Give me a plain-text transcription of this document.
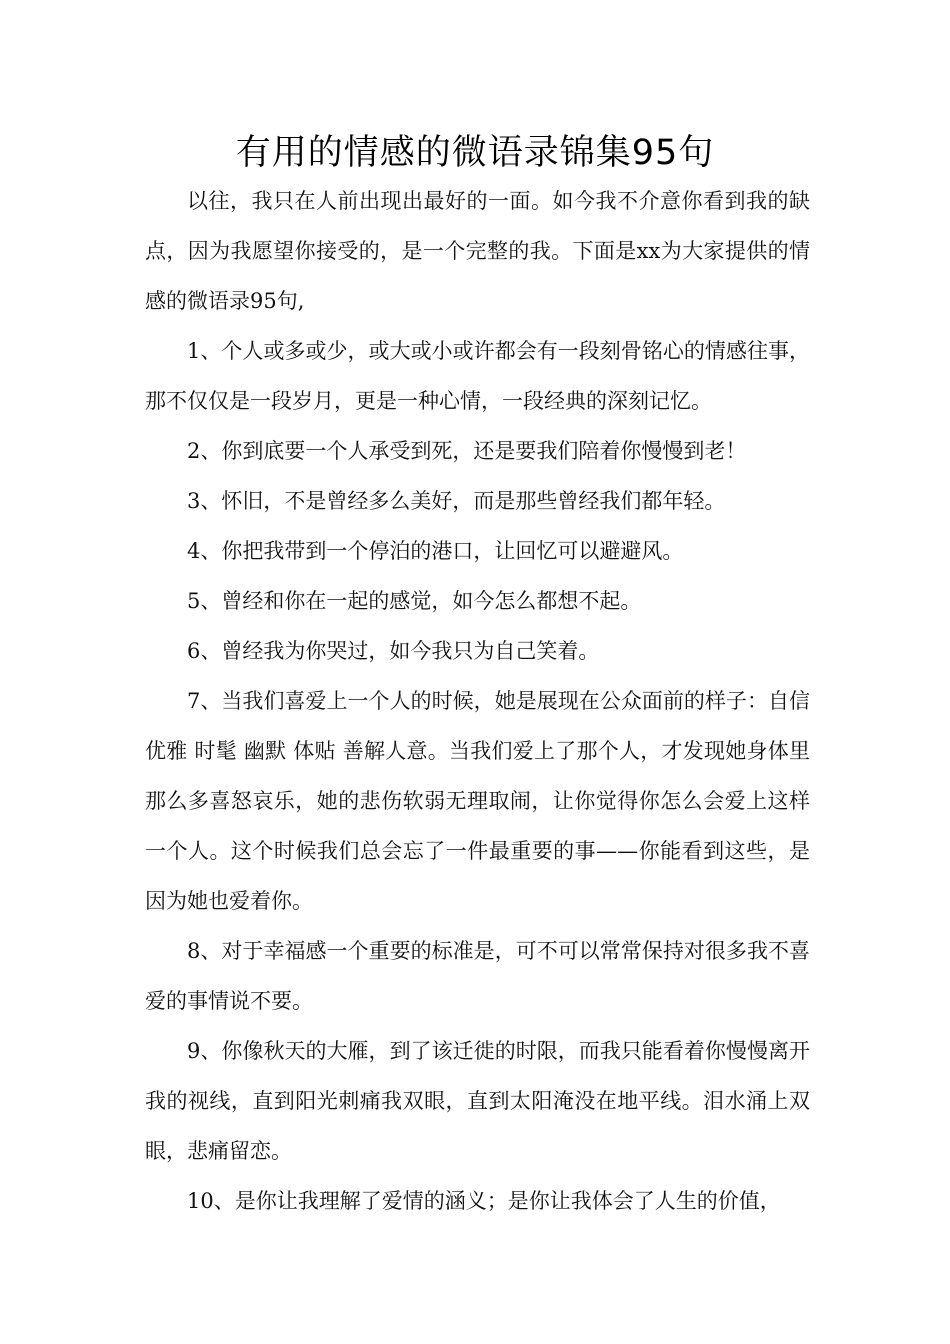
有用的情感的微语录锦集95句

以往，我只在人前出现出最好的一面。如今我不介意你看到我的缺点，因为我愿望你接受的，是一个完整的我。下面是xx为大家提供的情感的微语录95句,

1、个人或多或少，或大或小或许都会有一段刻骨铭心的情感往事，那不仅仅是一段岁月，更是一种心情，一段经典的深刻记忆。

2、你到底要一个人承受到死，还是要我们陪着你慢慢到老！

3、怀旧，不是曾经多么美好，而是那些曾经我们都年轻。

4、你把我带到一个停泊的港口，让回忆可以避避风。

5、曾经和你在一起的感觉，如今怎么都想不起。

6、曾经我为你哭过，如今我只为自己笑着。

7、当我们喜爱上一个人的时候，她是展现在公众面前的样子：自信 优雅 时髦 幽默 体贴 善解人意。当我们爱上了那个人，才发现她身体里那么多喜怒哀乐，她的悲伤软弱无理取闹，让你觉得你怎么会爱上这样一个人。这个时候我们总会忘了一件最重要的事——你能看到这些，是因为她也爱着你。

8、对于幸福感一个重要的标准是，可不可以常常保持对很多我不喜爱的事情说不要。

9、你像秋天的大雁，到了该迁徙的时限，而我只能看着你慢慢离开我的视线，直到阳光刺痛我双眼，直到太阳淹没在地平线。泪水涌上双眼，悲痛留恋。

10、是你让我理解了爱情的涵义；是你让我体会了人生的价值，
